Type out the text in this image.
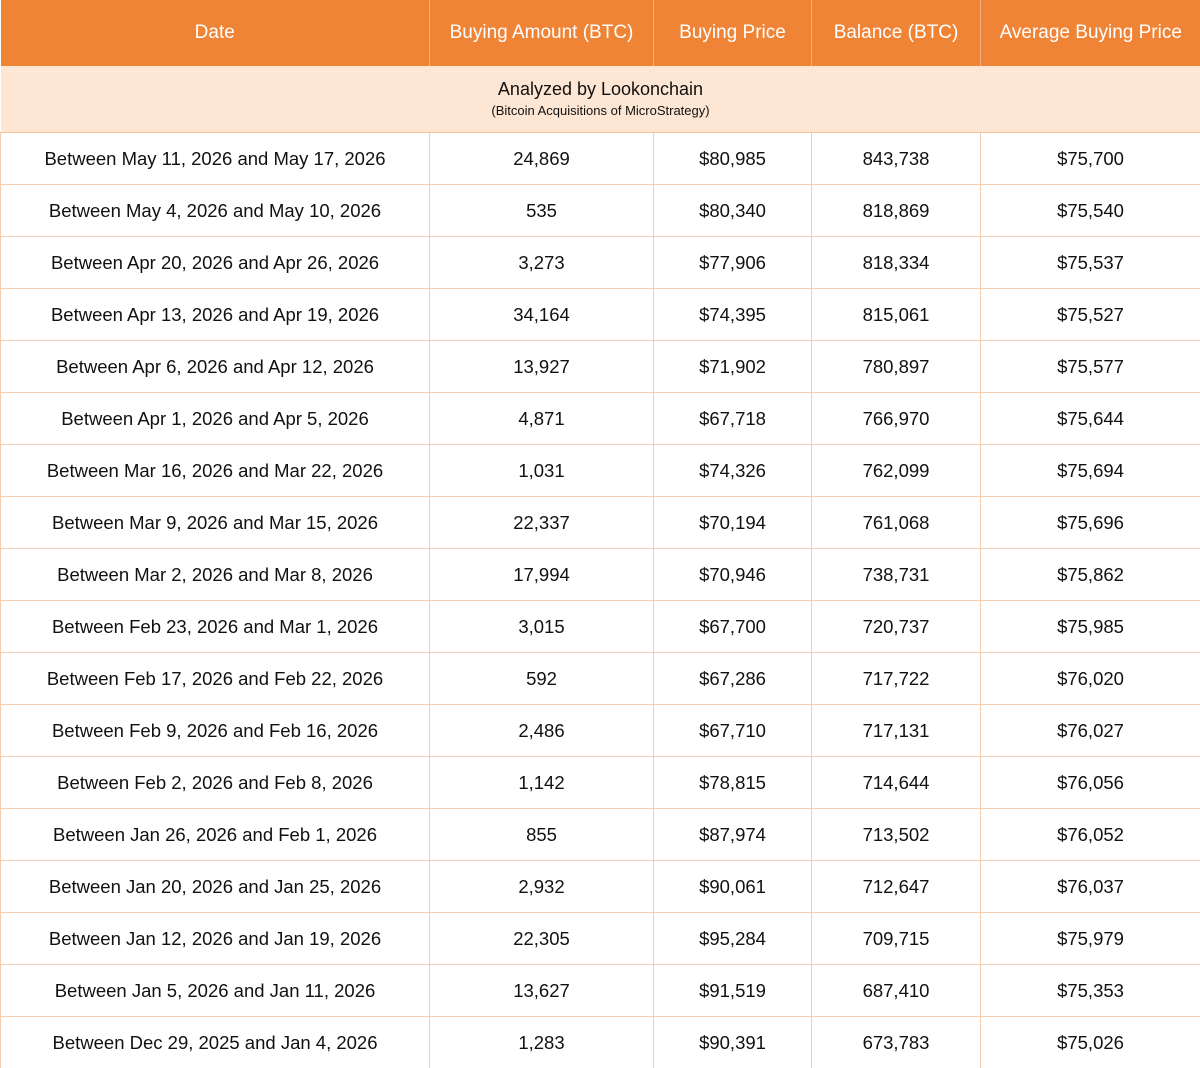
Date	Buying Amount (BTC)	Buying Price	Balance (BTC)	Average Buying Price

Analyzed by Lookonchain
(Bitcoin Acquisitions of MicroStrategy)				

Between May 11, 2026 and May 17, 2026	24,869	$80,985	843,738	$75,700
Between May 4, 2026 and May 10, 2026	535	$80,340	818,869	$75,540
Between Apr 20, 2026 and Apr 26, 2026	3,273	$77,906	818,334	$75,537
Between Apr 13, 2026 and Apr 19, 2026	34,164	$74,395	815,061	$75,527
Between Apr 6, 2026 and Apr 12, 2026	13,927	$71,902	780,897	$75,577
Between Apr 1, 2026 and Apr 5, 2026	4,871	$67,718	766,970	$75,644
Between Mar 16, 2026 and Mar 22, 2026	1,031	$74,326	762,099	$75,694
Between Mar 9, 2026 and Mar 15, 2026	22,337	$70,194	761,068	$75,696
Between Mar 2, 2026 and Mar 8, 2026	17,994	$70,946	738,731	$75,862
Between Feb 23, 2026 and Mar 1, 2026	3,015	$67,700	720,737	$75,985
Between Feb 17, 2026 and Feb 22, 2026	592	$67,286	717,722	$76,020
Between Feb 9, 2026 and Feb 16, 2026	2,486	$67,710	717,131	$76,027
Between Feb 2, 2026 and Feb 8, 2026	1,142	$78,815	714,644	$76,056
Between Jan 26, 2026 and Feb 1, 2026	855	$87,974	713,502	$76,052
Between Jan 20, 2026 and Jan 25, 2026	2,932	$90,061	712,647	$76,037
Between Jan 12, 2026 and Jan 19, 2026	22,305	$95,284	709,715	$75,979
Between Jan 5, 2026 and Jan 11, 2026	13,627	$91,519	687,410	$75,353
Between Dec 29, 2025 and Jan 4, 2026	1,283	$90,391	673,783	$75,026
